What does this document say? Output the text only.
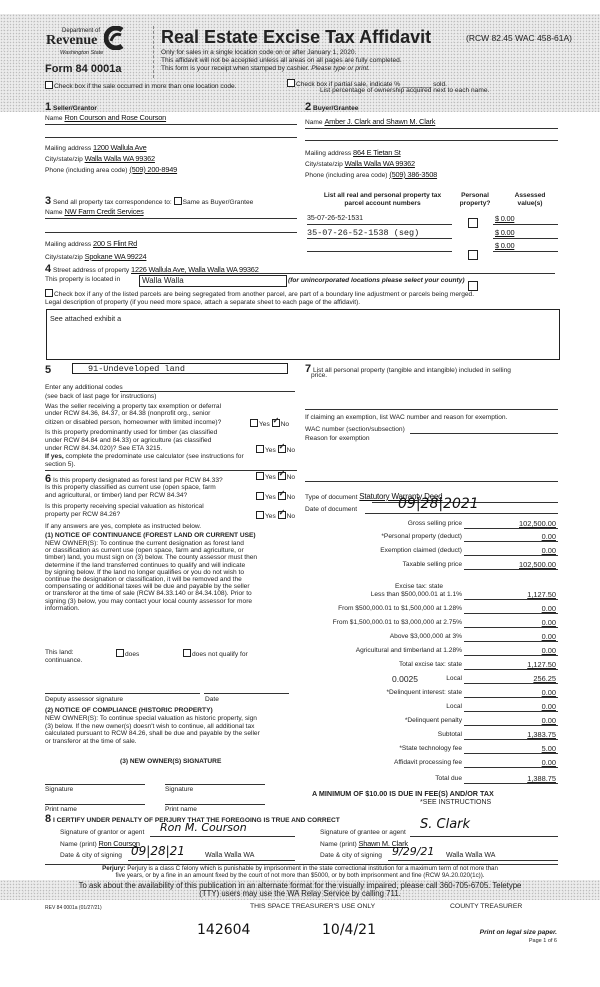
Department of
Revenue
Washington State
Form 84 0001a
Real Estate Excise Tax Affidavit	(RCW 82.45 WAC 458-61A)
Only for sales in a single location code on or after January 1, 2020.
This affidavit will not be accepted unless all areas on all pages are fully completed.
This form is your receipt when stamped by cashier. Please type or print.
Check box if the sale occurred in more than one location code.	Check box if partial sale, indicate % ________ sold.
List percentage of ownership acquired next to each name.
1 Seller/Grantor
Name Ron Courson and Rose Courson
Mailing address 1200 Wallula Ave
City/state/zip Walla Walla WA 99362
Phone (including area code) (509) 200-8949
2 Buyer/Grantee
Name Amber J. Clark and Shawn M. Clark
Mailing address 864 E Tietan St
City/state/zip Walla Walla WA 99362
Phone (including area code) (509) 386-3508
3 Send all property tax correspondence to: Same as Buyer/Grantee
Name NW Farm Credit Services
Mailing address 200 S Flint Rd
City/state/zip Spokane WA 99224
List all real and personal property tax
parcel account numbers
Personal
property?
Assessed
value(s)
35-07-26-52-1531	$ 0.00
35-07-26-52-1538 (seg)	$ 0.00
$ 0.00
4 Street address of property 1226 Wallula Ave, Walla Walla WA 99362
This property is located in	Walla Walla	(for unincorporated locations please select your county)
Check box if any of the listed parcels are being segregated from another parcel, are part of a boundary line adjustment or parcels being merged.
Legal description of property (if you need more space, attach a separate sheet to each page of the affidavit).
See attached exhibit a
5	91-Undeveloped land
Enter any additional codes
(see back of last page for instructions)
Was the seller receiving a property tax exemption or deferral
under RCW 84.36, 84.37, or 84.38 (nonprofit org., senior
citizen or disabled person, homeowner with limited income)?	Yes ✓ No
Is this property predominantly used for timber (as classified
under RCW 84.84 and 84.33) or agriculture (as classified
under RCW 84.34.020)? See ETA 3215.	Yes ✓ No
If yes, complete the predominate use calculator (see instructions for
section 5).
6 Is this property designated as forest land per RCW 84.33?	Yes ✓ No
Is this property classified as current use (open space, farm
and agricultural, or timber) land per RCW 84.34?	Yes ✓ No
Is this property receiving special valuation as historical
property per RCW 84.26?	Yes ✓ No
If any answers are yes, complete as instructed below.
(1) NOTICE OF CONTINUANCE (FOREST LAND OR CURRENT USE)
NEW OWNER(S): To continue the current designation as forest land
or classification as current use (open space, farm and agriculture, or
timber) land, you must sign on (3) below. The county assessor must then
determine if the land transferred continues to qualify and will indicate
by signing below. If the land no longer qualifies or you do not wish to
continue the designation or classification, it will be removed and the
compensating or additional taxes will be due and payable by the seller
or transferor at the time of sale (RCW 84.33.140 or 84.34.108). Prior to
signing (3) below, you may contact your local county assessor for more
information.
This land:	does	does not qualify for
continuance.
Deputy assessor signature	Date
(2) NOTICE OF COMPLIANCE (HISTORIC PROPERTY)
NEW OWNER(S): To continue special valuation as historic property, sign
(3) below. If the new owner(s) doesn't wish to continue, all additional tax
calculated pursuant to RCW 84.26, shall be due and payable by the seller
or transferor at the time of sale.
(3) NEW OWNER(S) SIGNATURE
Signature	Signature
Print name	Print name
7 List all personal property (tangible and intangible) included in selling
price.
If claiming an exemption, list WAC number and reason for exemption.
WAC number (section/subsection)
Reason for exemption
Type of document Statutory Warranty Deed
Date of document	09|28|2021
Gross selling price	102,500.00
*Personal property (deduct)	0.00
Exemption claimed (deduct)	0.00
Taxable selling price	102,500.00
Less than $500,000.01 at 1.1%	1,127.50
From $500,000.01 to $1,500,000 at 1.28%	0.00
From $1,500,000.01 to $3,000,000 at 2.75%	0.00
Above $3,000,000 at 3%	0.00
Agricultural and timberland at 1.28%	0.00
Total excise tax: state	1,127.50
Local	256.25
*Delinquent interest: state	0.00
Local	0.00
*Delinquent penalty	0.00
Subtotal	1,383.75
*State technology fee	5.00
Affidavit processing fee	0.00
Total due	1,388.75
Excise tax: state
0.0025
A MINIMUM OF $10.00 IS DUE IN FEE(S) AND/OR TAX
*SEE INSTRUCTIONS
8 I CERTIFY UNDER PENALTY OF PERJURY THAT THE FOREGOING IS TRUE AND CORRECT
Signature of grantor or agent Ron M. Courson
Name (print) Ron Courson
Date & city of signing 09|28|21	Walla Walla WA
Signature of grantee or agent
S. Clark
Name (print) Shawn M. Clark
Date & city of signing 9/29/21 Walla Walla WA
Perjury: Perjury is a class C felony which is punishable by imprisonment in the state correctional institution for a maximum term of not more than
five years, or by a fine in an amount fixed by the court of not more than $5000, or by both imprisonment and fine (RCW 9A.20.020(1c)).
To ask about the availability of this publication in an alternate format for the visually impaired, please call 360-705-6705. Teletype
(TTY) users may use the WA Relay Service by calling 711.
REV 84 0001a (01/27/21)	THIS SPACE TREASURER'S USE ONLY	COUNTY TREASURER
142604	10/4/21	Print on legal size paper.
Page 1 of 6
